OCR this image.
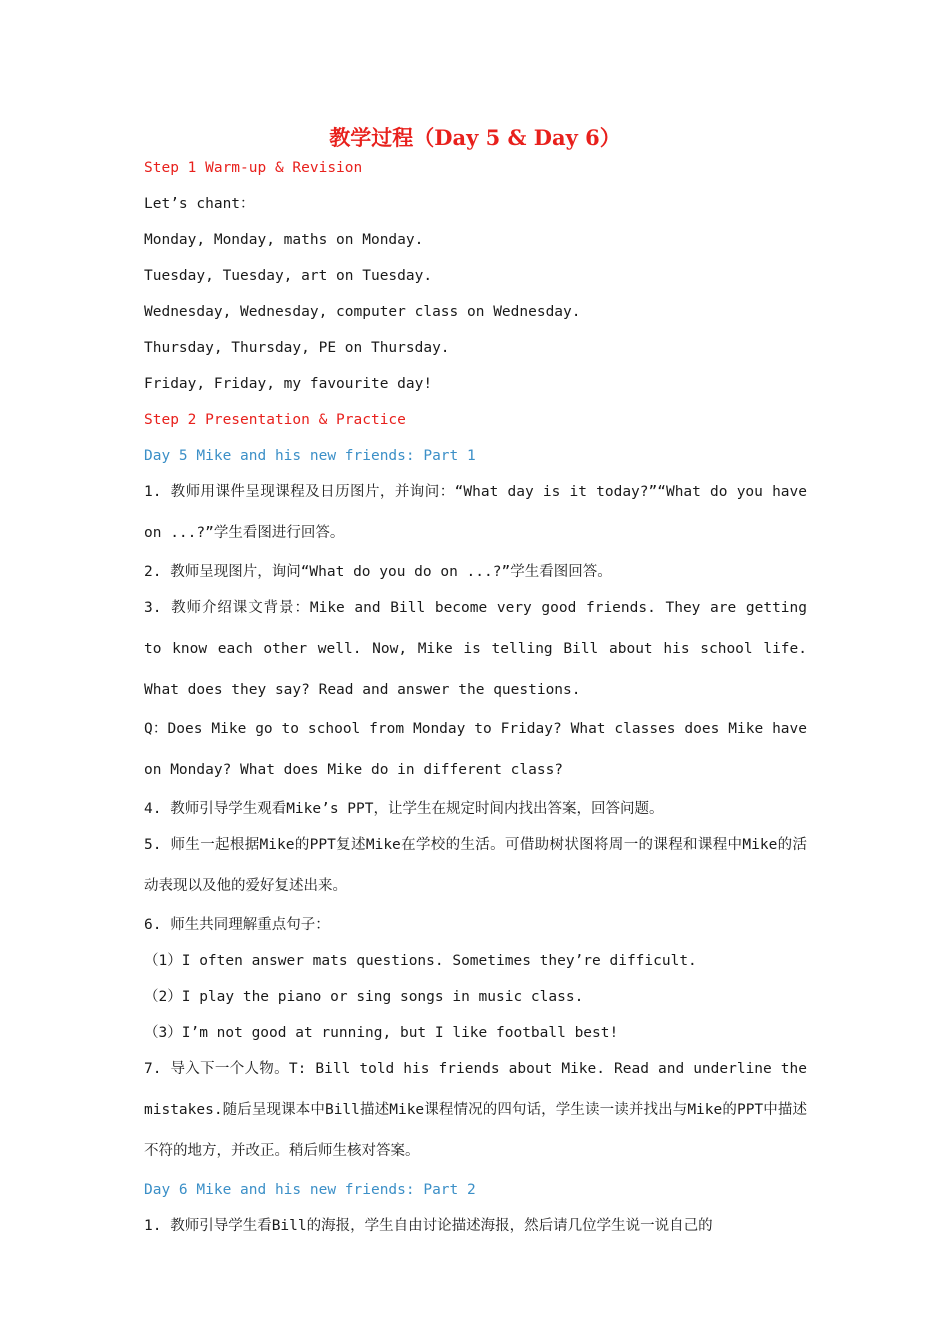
教学过程（Day 5 & Day 6）
Step 1 Warm-up & Revision
Let’s chant：
Monday, Monday, maths on Monday.
Tuesday, Tuesday, art on Tuesday.
Wednesday, Wednesday, computer class on Wednesday.
Thursday, Thursday, PE on Thursday.
Friday, Friday, my favourite day!
Step 2 Presentation & Practice
Day 5 Mike and his new friends: Part 1
1. 教师用课件呈现课程及日历图片，并询问：“What day is it today?”“What do you have on ...?”学生看图进行回答。
2. 教师呈现图片，询问“What do you do on ...?”学生看图回答。
3. 教师介绍课文背景：Mike and Bill become very good friends. They are getting to know each other well. Now, Mike is telling Bill about his school life. What does they say? Read and answer the questions.
Q：Does Mike go to school from Monday to Friday? What classes does Mike have on Monday? What does Mike do in different class?
4. 教师引导学生观看Mike’s PPT，让学生在规定时间内找出答案，回答问题。
5. 师生一起根据Mike的PPT复述Mike在学校的生活。可借助树状图将周一的课程和课程中Mike的活动表现以及他的爱好复述出来。
6. 师生共同理解重点句子：
（1）I often answer mats questions. Sometimes they’re difficult.
（2）I play the piano or sing songs in music class.
（3）I’m not good at running, but I like football best!
7. 导入下一个人物。T: Bill told his friends about Mike. Read and underline the mistakes.随后呈现课本中Bill描述Mike课程情况的四句话，学生读一读并找出与Mike的PPT中描述不符的地方，并改正。稍后师生核对答案。
Day 6 Mike and his new friends: Part 2
1. 教师引导学生看Bill的海报，学生自由讨论描述海报，然后请几位学生说一说自己的
